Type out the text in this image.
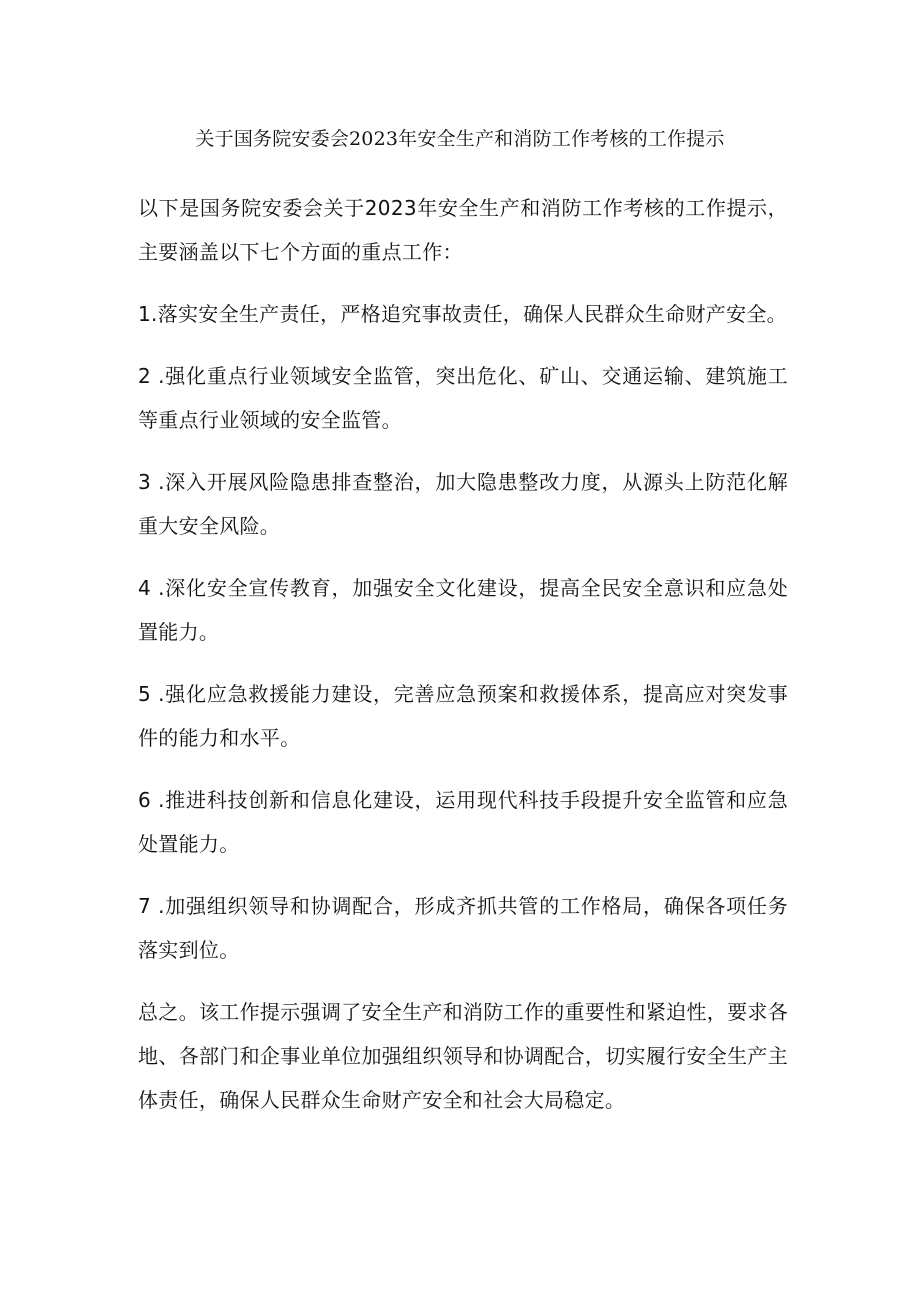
关于国务院安委会2023年安全生产和消防工作考核的工作提示

以下是国务院安委会关于2023年安全生产和消防工作考核的工作提示，主要涵盖以下七个方面的重点工作：

1.落实安全生产责任，严格追究事故责任，确保人民群众生命财产安全。

2 .强化重点行业领域安全监管，突出危化、矿山、交通运输、建筑施工等重点行业领域的安全监管。

3 .深入开展风险隐患排查整治，加大隐患整改力度，从源头上防范化解重大安全风险。

4 .深化安全宣传教育，加强安全文化建设，提高全民安全意识和应急处置能力。

5 .强化应急救援能力建设，完善应急预案和救援体系，提高应对突发事件的能力和水平。

6 .推进科技创新和信息化建设，运用现代科技手段提升安全监管和应急处置能力。

7 .加强组织领导和协调配合，形成齐抓共管的工作格局，确保各项任务落实到位。

总之。该工作提示强调了安全生产和消防工作的重要性和紧迫性，要求各地、各部门和企事业单位加强组织领导和协调配合，切实履行安全生产主体责任，确保人民群众生命财产安全和社会大局稳定。
